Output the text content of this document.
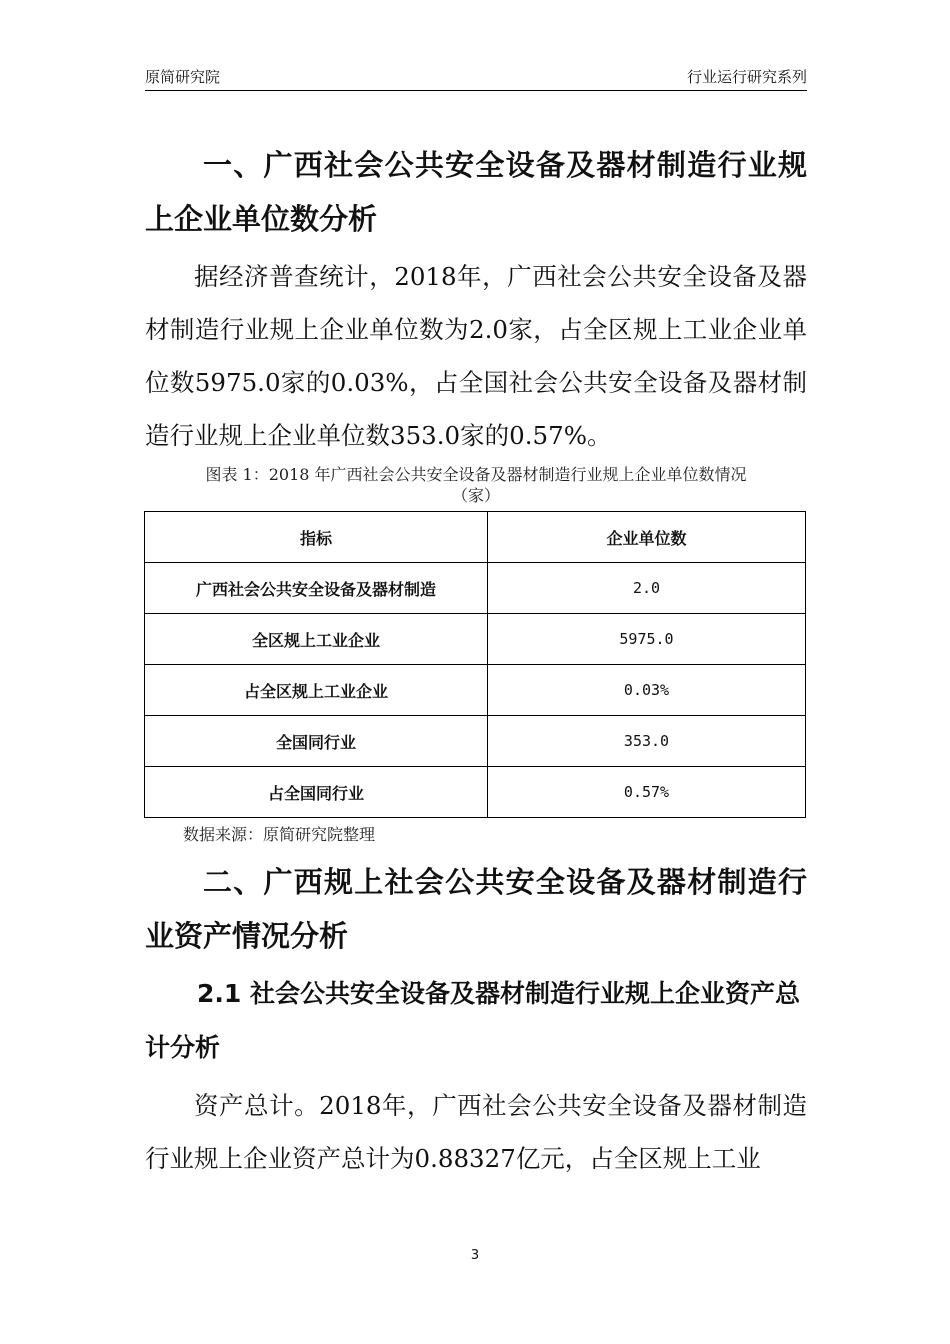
原简研究院	行业运行研究系列
一、广西社会公共安全设备及器材制造行业规上企业单位数分析

据经济普查统计，2018年，广西社会公共安全设备及器材制造行业规上企业单位数为2.0家，占全区规上工业企业单位数5975.0家的0.03%，占全国社会公共安全设备及器材制造行业规上企业单位数353.0家的0.57%。

图表 1：2018 年广西社会公共安全设备及器材制造行业规上企业单位数情况
（家）
指标	企业单位数
广西社会公共安全设备及器材制造	2.0
全区规上工业企业	5975.0
占全区规上工业企业	0.03%
全国同行业	353.0
占全国同行业	0.57%
数据来源：原简研究院整理
二、广西规上社会公共安全设备及器材制造行业资产情况分析
2.1 社会公共安全设备及器材制造行业规上企业资产总计分析

资产总计。2018年，广西社会公共安全设备及器材制造行业规上企业资产总计为0.88327亿元，占全区规上工业

3
